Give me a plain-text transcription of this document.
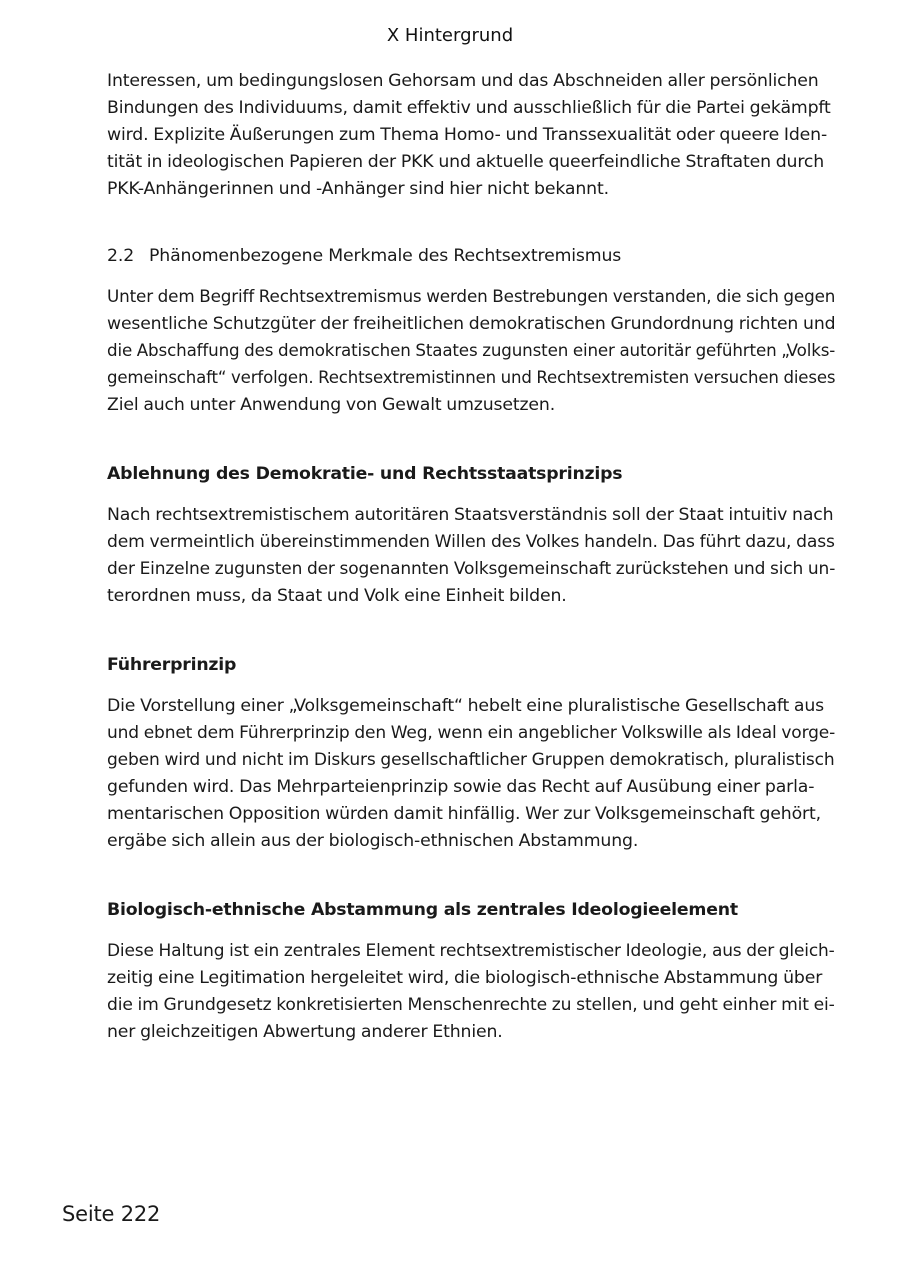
X Hintergrund

Interessen, um bedingungslosen Gehorsam und das Abschneiden aller persönlichen
Bindungen des Individuums, damit effektiv und ausschließlich für die Partei gekämpft
wird. Explizite Äußerungen zum Thema Homo- und Transsexualität oder queere Iden-
tität in ideologischen Papieren der PKK und aktuelle queerfeindliche Straftaten durch
PKK-Anhängerinnen und -Anhänger sind hier nicht bekannt.

2.2 Phänomenbezogene Merkmale des Rechtsextremismus

Unter dem Begriff Rechtsextremismus werden Bestrebungen verstanden, die sich gegen
wesentliche Schutzgüter der freiheitlichen demokratischen Grundordnung richten und
die Abschaffung des demokratischen Staates zugunsten einer autoritär geführten „Volks-
gemeinschaft“ verfolgen. Rechtsextremistinnen und Rechtsextremisten versuchen dieses
Ziel auch unter Anwendung von Gewalt umzusetzen.

Ablehnung des Demokratie- und Rechtsstaatsprinzips

Nach rechtsextremistischem autoritären Staatsverständnis soll der Staat intuitiv nach
dem vermeintlich übereinstimmenden Willen des Volkes handeln. Das führt dazu, dass
der Einzelne zugunsten der sogenannten Volksgemeinschaft zurückstehen und sich un-
terordnen muss, da Staat und Volk eine Einheit bilden.

Führerprinzip

Die Vorstellung einer „Volksgemeinschaft“ hebelt eine pluralistische Gesellschaft aus
und ebnet dem Führerprinzip den Weg, wenn ein angeblicher Volkswille als Ideal vorge-
geben wird und nicht im Diskurs gesellschaftlicher Gruppen demokratisch, pluralistisch
gefunden wird. Das Mehrparteienprinzip sowie das Recht auf Ausübung einer parla-
mentarischen Opposition würden damit hinfällig. Wer zur Volksgemeinschaft gehört,
ergäbe sich allein aus der biologisch-ethnischen Abstammung.

Biologisch-ethnische Abstammung als zentrales Ideologieelement

Diese Haltung ist ein zentrales Element rechtsextremistischer Ideologie, aus der gleich-
zeitig eine Legitimation hergeleitet wird, die biologisch-ethnische Abstammung über
die im Grundgesetz konkretisierten Menschenrechte zu stellen, und geht einher mit ei-
ner gleichzeitigen Abwertung anderer Ethnien.

Seite 222
